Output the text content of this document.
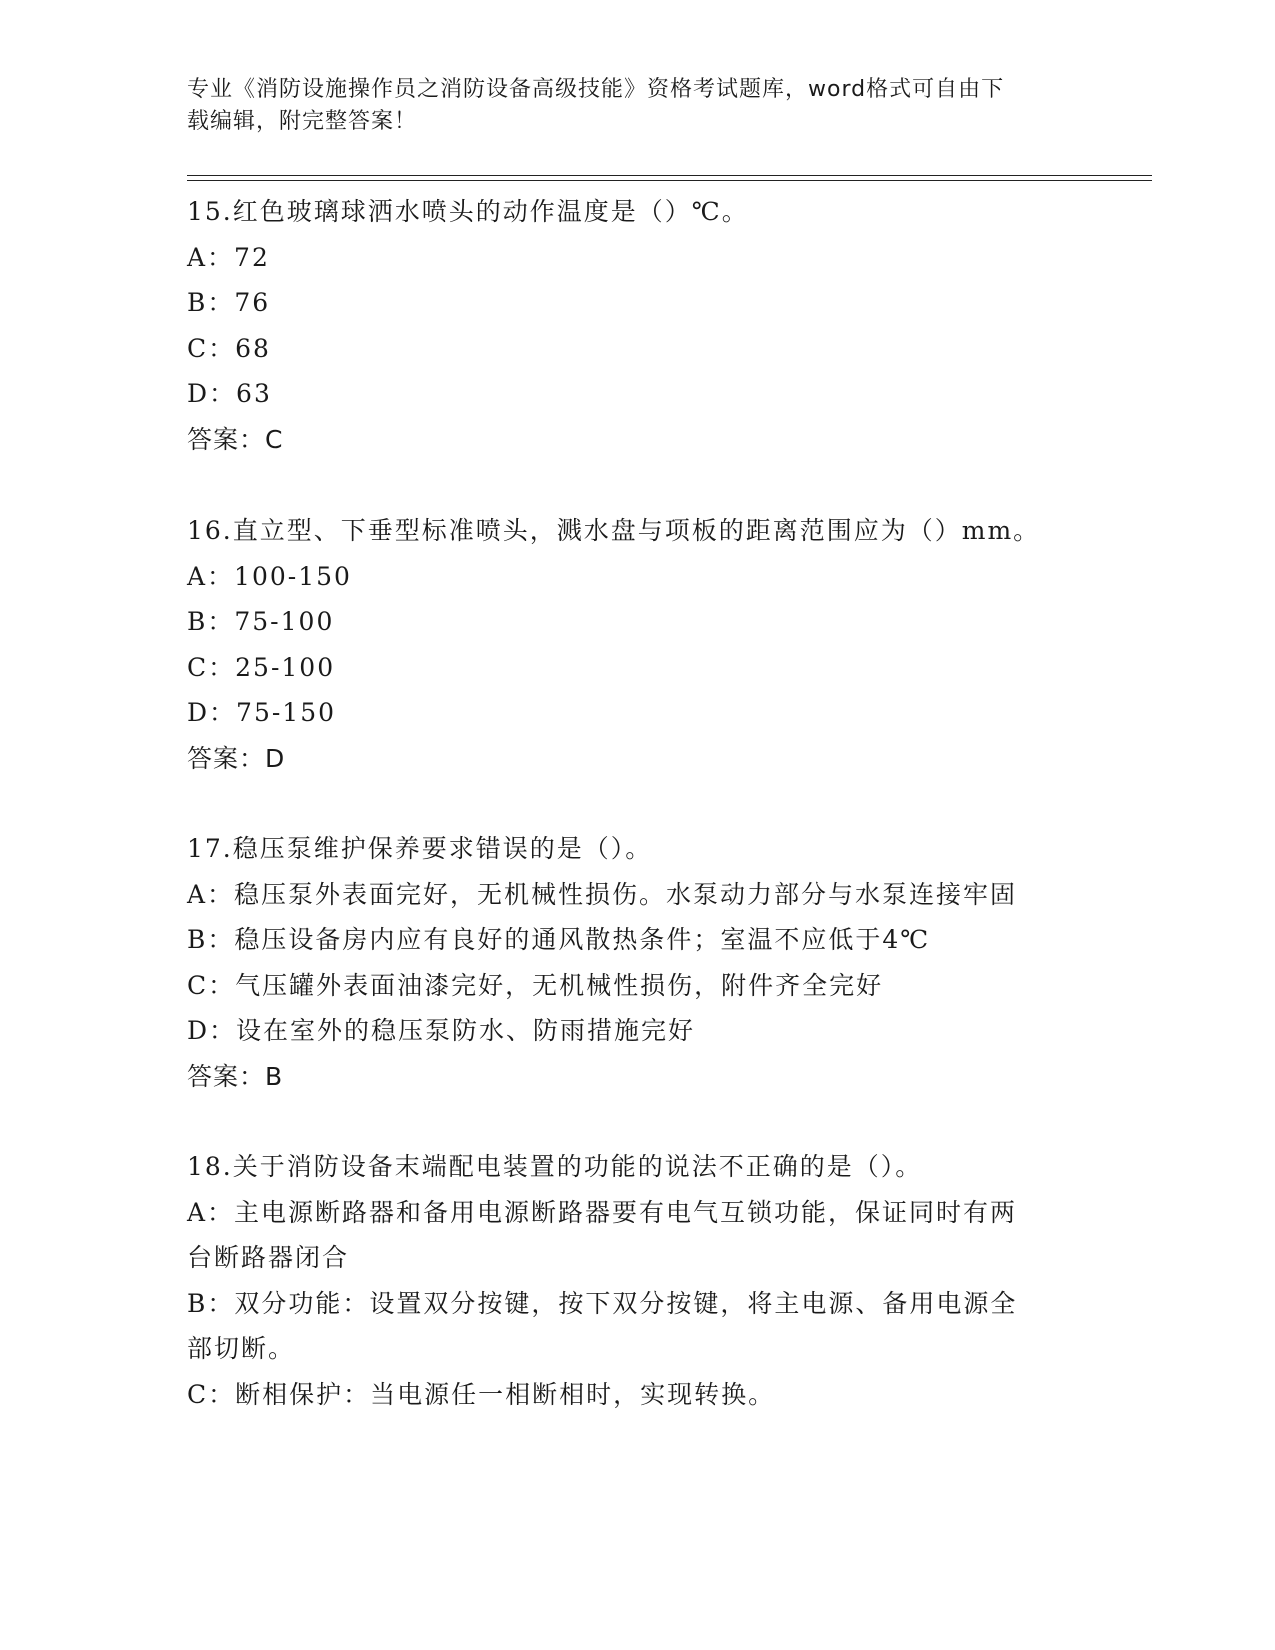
专业《消防设施操作员之消防设备高级技能》资格考试题库，word格式可自由下
载编辑，附完整答案！
15.红色玻璃球洒水喷头的动作温度是（）℃。
A：72
B：76
C：68
D：63
答案：C
16.直立型、下垂型标准喷头，溅水盘与项板的距离范围应为（）mm。
A：100-150
B：75-100
C：25-100
D：75-150
答案：D
17.稳压泵维护保养要求错误的是（）。
A：稳压泵外表面完好，无机械性损伤。水泵动力部分与水泵连接牢固
B：稳压设备房内应有良好的通风散热条件；室温不应低于4℃
C：气压罐外表面油漆完好，无机械性损伤，附件齐全完好
D：设在室外的稳压泵防水、防雨措施完好
答案：B
18.关于消防设备末端配电装置的功能的说法不正确的是（）。
A：主电源断路器和备用电源断路器要有电气互锁功能，保证同时有两
台断路器闭合
B：双分功能：设置双分按键，按下双分按键，将主电源、备用电源全
部切断。
C：断相保护：当电源任一相断相时，实现转换。
